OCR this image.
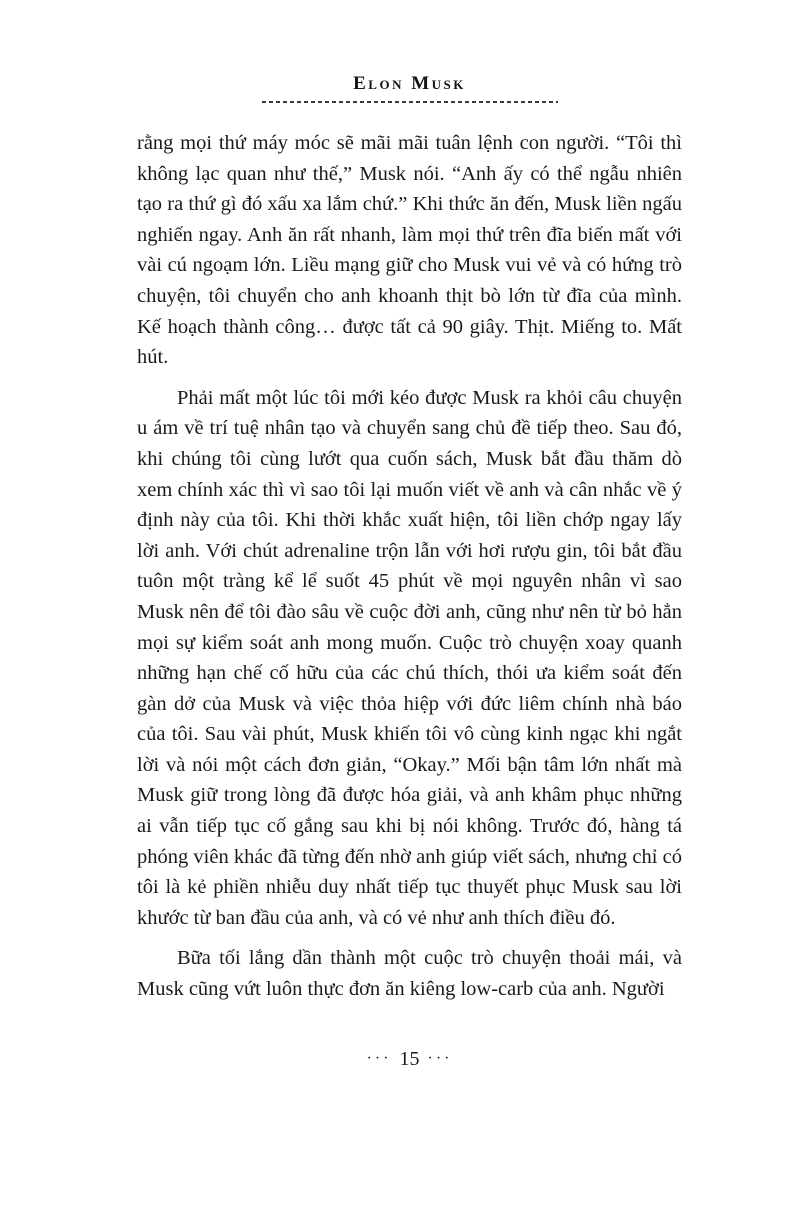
Elon Musk

rằng mọi thứ máy móc sẽ mãi mãi tuân lệnh con người. “Tôi thì không lạc quan như thế,” Musk nói. “Anh ấy có thể ngẫu nhiên tạo ra thứ gì đó xấu xa lắm chứ.” Khi thức ăn đến, Musk liền ngấu nghiến ngay. Anh ăn rất nhanh, làm mọi thứ trên đĩa biến mất với vài cú ngoạm lớn. Liều mạng giữ cho Musk vui vẻ và có hứng trò chuyện, tôi chuyển cho anh khoanh thịt bò lớn từ đĩa của mình. Kế hoạch thành công… được tất cả 90 giây. Thịt. Miếng to. Mất hút.

Phải mất một lúc tôi mới kéo được Musk ra khỏi câu chuyện u ám về trí tuệ nhân tạo và chuyển sang chủ đề tiếp theo. Sau đó, khi chúng tôi cùng lướt qua cuốn sách, Musk bắt đầu thăm dò xem chính xác thì vì sao tôi lại muốn viết về anh và cân nhắc về ý định này của tôi. Khi thời khắc xuất hiện, tôi liền chớp ngay lấy lời anh. Với chút adrenaline trộn lẫn với hơi rượu gin, tôi bắt đầu tuôn một tràng kể lể suốt 45 phút về mọi nguyên nhân vì sao Musk nên để tôi đào sâu về cuộc đời anh, cũng như nên từ bỏ hẳn mọi sự kiểm soát anh mong muốn. Cuộc trò chuyện xoay quanh những hạn chế cố hữu của các chú thích, thói ưa kiểm soát đến gàn dở của Musk và việc thỏa hiệp với đức liêm chính nhà báo của tôi. Sau vài phút, Musk khiến tôi vô cùng kinh ngạc khi ngắt lời và nói một cách đơn giản, “Okay.” Mối bận tâm lớn nhất mà Musk giữ trong lòng đã được hóa giải, và anh khâm phục những ai vẫn tiếp tục cố gắng sau khi bị nói không. Trước đó, hàng tá phóng viên khác đã từng đến nhờ anh giúp viết sách, nhưng chỉ có tôi là kẻ phiền nhiễu duy nhất tiếp tục thuyết phục Musk sau lời khước từ ban đầu của anh, và có vẻ như anh thích điều đó.

Bữa tối lắng dần thành một cuộc trò chuyện thoải mái, và Musk cũng vứt luôn thực đơn ăn kiêng low-carb của anh. Người

··· 15 ···
